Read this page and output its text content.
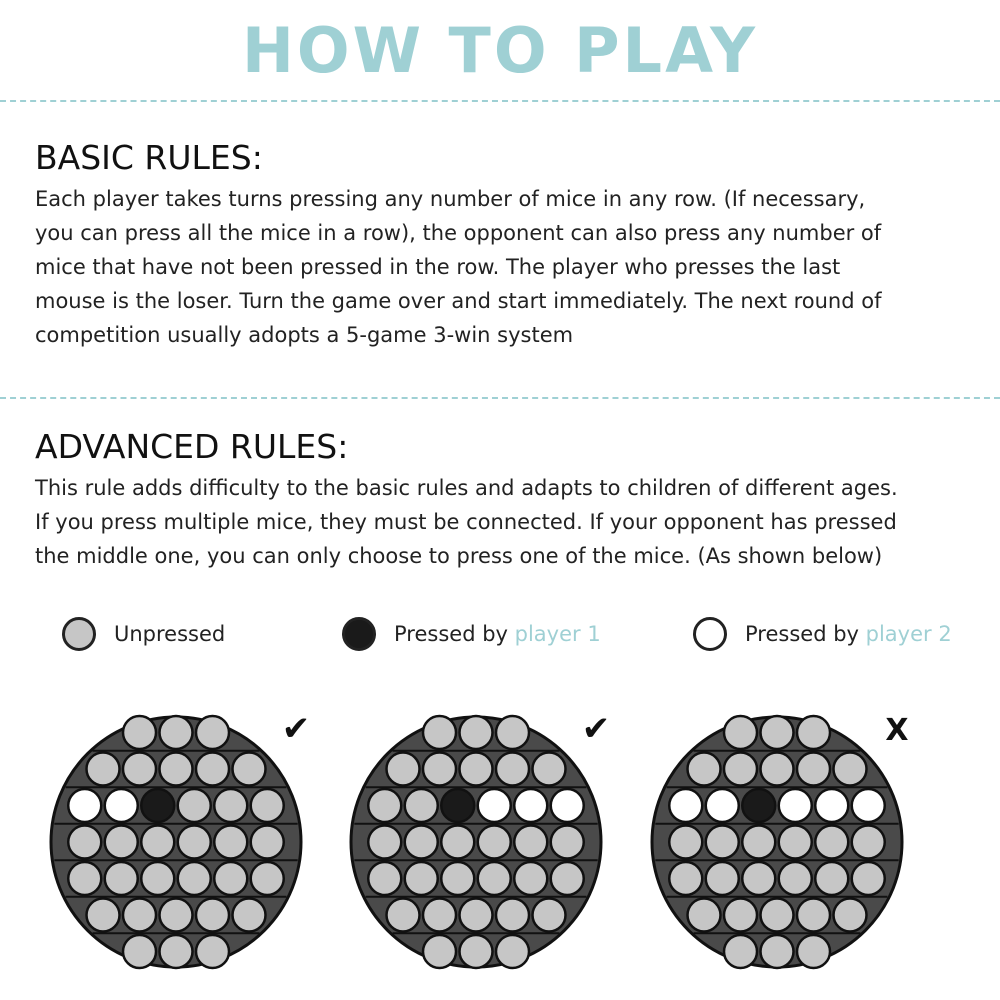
HOW TO PLAY
BASIC RULES:
Each player takes turns pressing any number of mice in any row. (If necessary,
you can press all the mice in a row), the opponent can also press any number of
mice that have not been pressed in the row. The player who presses the last
mouse is the loser. Turn the game over and start immediately. The next round of
competition usually adopts a 5-game 3-win system
ADVANCED RULES:
This rule adds difficulty to the basic rules and adapts to children of different ages.
If you press multiple mice, they must be connected. If your opponent has pressed
the middle one, you can only choose to press one of the mice. (As shown below)
Unpressed	Pressed by player 1	Pressed by player 2
✔	✔	X
